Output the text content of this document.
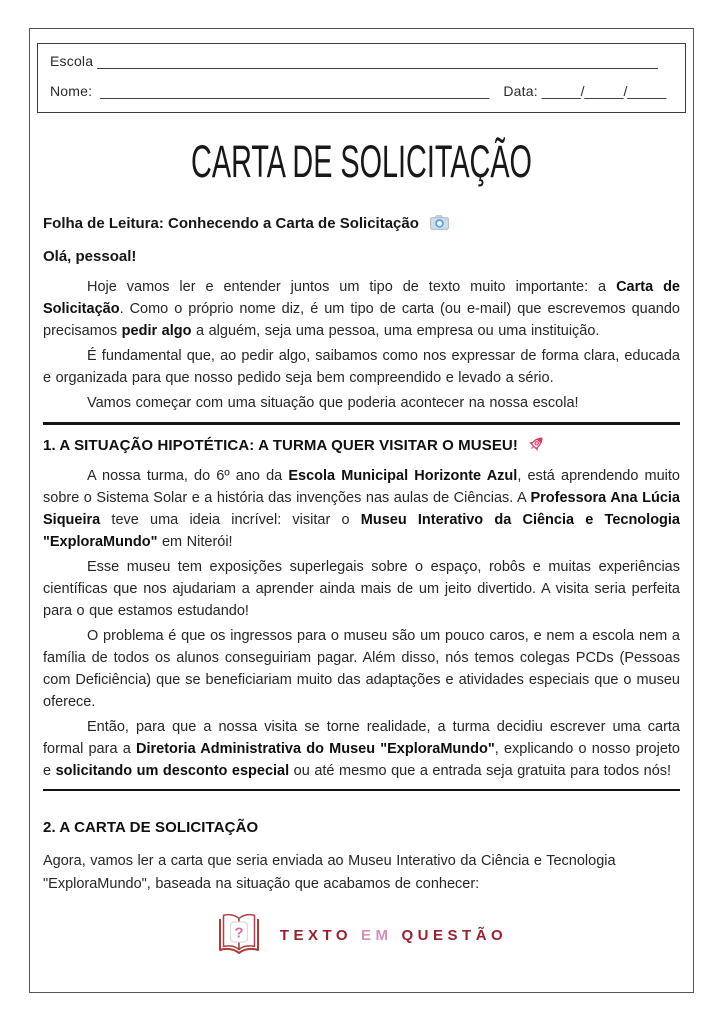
Escola ________________________________________________________________________
Nome: __________________________________________________ Data: _____/_____/_____
CARTA DE SOLICITAÇÃO

Folha de Leitura: Conhecendo a Carta de Solicitação

Olá, pessoal!

Hoje vamos ler e entender juntos um tipo de texto muito importante: a Carta de Solicitação. Como o próprio nome diz, é um tipo de carta (ou e-mail) que escrevemos quando precisamos pedir algo a alguém, seja uma pessoa, uma empresa ou uma instituição.

É fundamental que, ao pedir algo, saibamos como nos expressar de forma clara, educada e organizada para que nosso pedido seja bem compreendido e levado a sério.

Vamos começar com uma situação que poderia acontecer na nossa escola!

1. A SITUAÇÃO HIPOTÉTICA: A TURMA QUER VISITAR O MUSEU!

A nossa turma, do 6º ano da Escola Municipal Horizonte Azul, está aprendendo muito sobre o Sistema Solar e a história das invenções nas aulas de Ciências. A Professora Ana Lúcia Siqueira teve uma ideia incrível: visitar o Museu Interativo da Ciência e Tecnologia "ExploraMundo" em Niterói!

Esse museu tem exposições superlegais sobre o espaço, robôs e muitas experiências científicas que nos ajudariam a aprender ainda mais de um jeito divertido. A visita seria perfeita para o que estamos estudando!

O problema é que os ingressos para o museu são um pouco caros, e nem a escola nem a família de todos os alunos conseguiriam pagar. Além disso, nós temos colegas PCDs (Pessoas com Deficiência) que se beneficiariam muito das adaptações e atividades especiais que o museu oferece.

Então, para que a nossa visita se torne realidade, a turma decidiu escrever uma carta formal para a Diretoria Administrativa do Museu "ExploraMundo", explicando o nosso projeto e solicitando um desconto especial ou até mesmo que a entrada seja gratuita para todos nós!

2. A CARTA DE SOLICITAÇÃO

Agora, vamos ler a carta que seria enviada ao Museu Interativo da Ciência e Tecnologia "ExploraMundo", baseada na situação que acabamos de conhecer:

? TEXTO EM QUESTÃO
